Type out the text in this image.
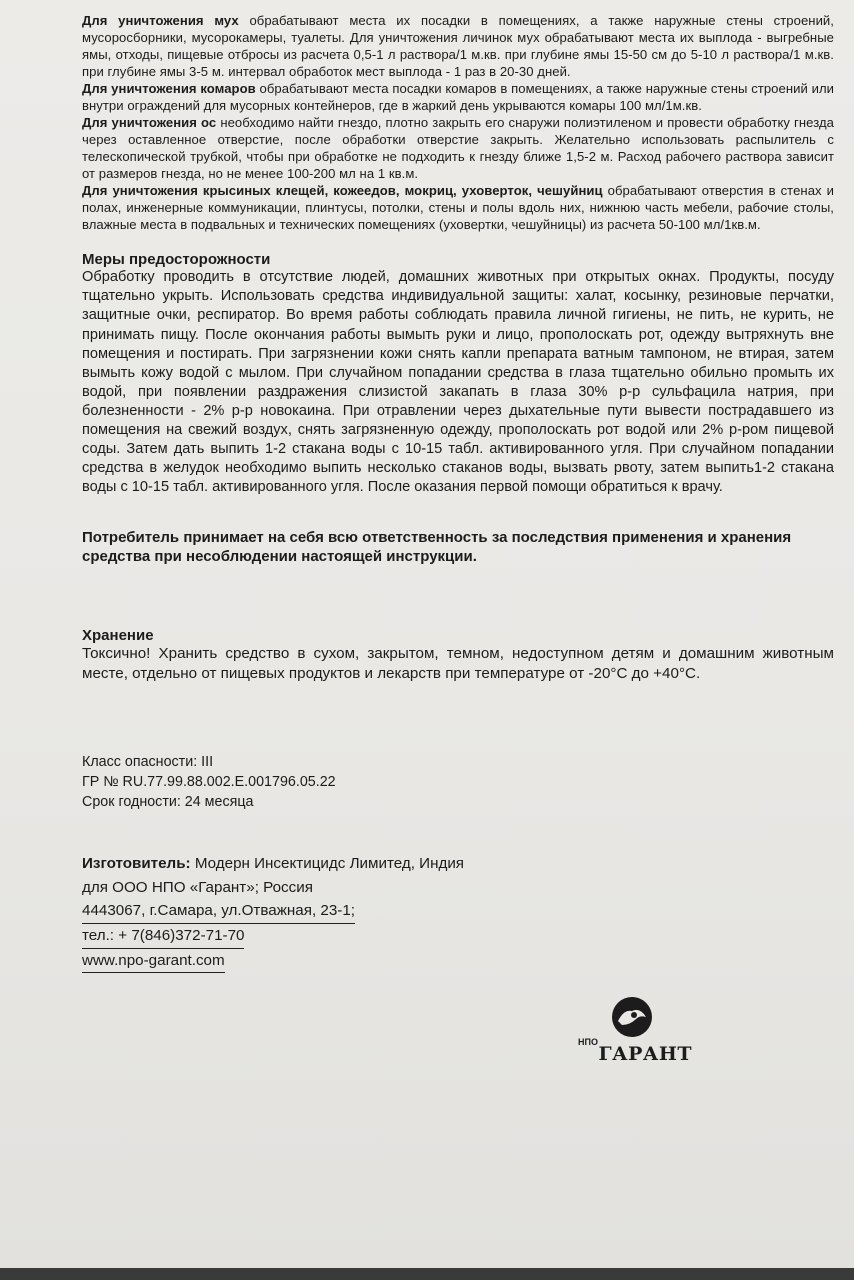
Для уничтожения мух обрабатывают места их посадки в помещениях, а также наружные стены строений, мусоросборники, мусорокамеры, туалеты. Для уничтожения личинок мух обрабатывают места их выплода - выгребные ямы, отходы, пищевые отбросы из расчета 0,5-1 л раствора/1 м.кв. при глубине ямы 15-50 см до 5-10 л раствора/1 м.кв. при глубине ямы 3-5 м. интервал обработок мест выплода - 1 раз в 20-30 дней.

Для уничтожения комаров обрабатывают места посадки комаров в помещениях, а также наружные стены строений или внутри ограждений для мусорных контейнеров, где в жаркий день укрываются комары 100 мл/1м.кв.

Для уничтожения ос необходимо найти гнездо, плотно закрыть его снаружи полиэтиленом и провести обработку гнезда через оставленное отверстие, после обработки отверстие закрыть. Желательно использовать распылитель с телескопической трубкой, чтобы при обработке не подходить к гнезду ближе 1,5-2 м. Расход рабочего раствора зависит от размеров гнезда, но не менее 100-200 мл на 1 кв.м.

Для уничтожения крысиных клещей, кожеедов, мокриц, уховерток, чешуйниц обрабатывают отверстия в стенах и полах, инженерные коммуникации, плинтусы, потолки, стены и полы вдоль них, нижнюю часть мебели, рабочие столы, влажные места в подвальных и технических помещениях (уховертки, чешуйницы) из расчета 50-100 мл/1кв.м.

Меры предосторожности

Обработку проводить в отсутствие людей, домашних животных при открытых окнах. Продукты, посуду тщательно укрыть. Использовать средства индивидуальной защиты: халат, косынку, резиновые перчатки, защитные очки, респиратор. Во время работы соблюдать правила личной гигиены, не пить, не курить, не принимать пищу. После окончания работы вымыть руки и лицо, прополоскать рот, одежду вытряхнуть вне помещения и постирать. При загрязнении кожи снять капли препарата ватным тампоном, не втирая, затем вымыть кожу водой с мылом. При случайном попадании средства в глаза тщательно обильно промыть их водой, при появлении раздражения слизистой закапать в глаза 30% р-р сульфацила натрия, при болезненности - 2% р-р новокаина. При отравлении через дыхательные пути вывести пострадавшего из помещения на свежий воздух, снять загрязненную одежду, прополоскать рот водой или 2% р-ром пищевой соды. Затем дать выпить 1-2 стакана воды с 10-15 табл. активированного угля. При случайном попадании средства в желудок необходимо выпить несколько стаканов воды, вызвать рвоту, затем выпить1-2 стакана воды с 10-15 табл. активированного угля. После оказания первой помощи обратиться к врачу.

Потребитель принимает на себя всю ответственность за последствия применения и хранения средства при несоблюдении настоящей инструкции.
Хранение

Токсично! Хранить средство в сухом, закрытом, темном, недоступном детям и домашним животным месте, отдельно от пищевых продуктов и лекарств при температуре от -20°С до +40°С.

Класс опасности: III
ГР № RU.77.99.88.002.Е.001796.05.22
Срок годности: 24 месяца
Изготовитель: Модерн Инсектицидс Лимитед, Индия
для ООО НПО «Гарант»; Россия
4443067, г.Самара, ул.Отважная, 23-1;
тел.: + 7(846)372-71-70
www.npo-garant.com
НПО
ГАРАНТ
